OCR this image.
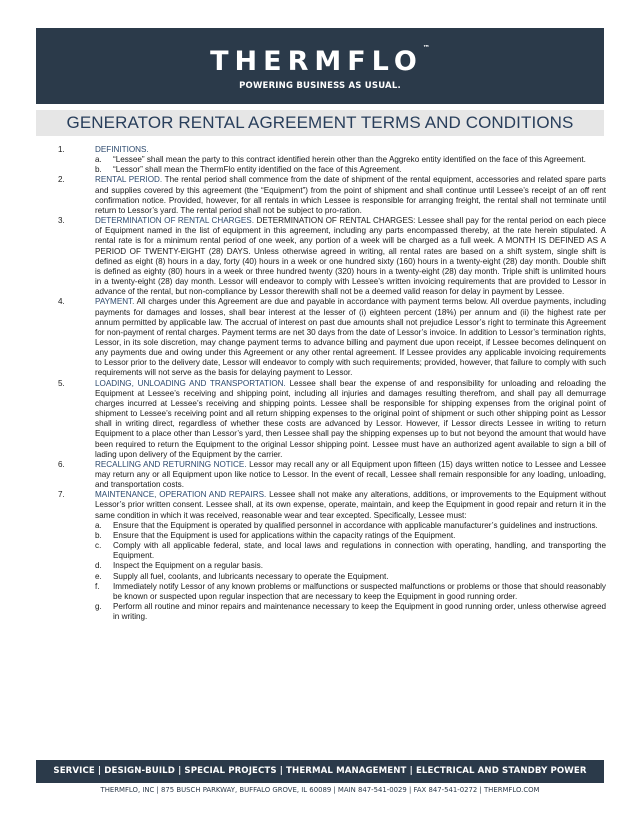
THERMFLO™
POWERING BUSINESS AS USUAL.
GENERATOR RENTAL AGREEMENT TERMS AND CONDITIONS
1.	DEFINITIONS.
a. “Lessee” shall mean the party to this contract identified herein other than the Aggreko entity identified on the face of this Agreement.
b. “Lessor” shall mean the ThermFlo entity identified on the face of this Agreement.
2.	RENTAL PERIOD. The rental period shall commence from the date of shipment of the rental equipment, accessories and related spare parts and supplies covered by this agreement (the “Equipment”) from the point of shipment and shall continue until Lessee’s receipt of an off rent confirmation notice. Provided, however, for all rentals in which Lessee is responsible for arranging freight, the rental shall not terminate until return to Lessor’s yard. The rental period shall not be subject to pro-ration.
3.	DETERMINATION OF RENTAL CHARGES. DETERMINATION OF RENTAL CHARGES: Lessee shall pay for the rental period on each piece of Equipment named in the list of equipment in this agreement, including any parts encompassed thereby, at the rate herein stipulated. A rental rate is for a minimum rental period of one week, any portion of a week will be charged as a full week. A MONTH IS DEFINED AS A PERIOD OF TWENTY-EIGHT (28) DAYS. Unless otherwise agreed in writing, all rental rates are based on a shift system, single shift is defined as eight (8) hours in a day, forty (40) hours in a week or one hundred sixty (160) hours in a twenty-eight (28) day month. Double shift is defined as eighty (80) hours in a week or three hundred twenty (320) hours in a twenty-eight (28) day month. Triple shift is unlimited hours in a twenty-eight (28) day month. Lessor will endeavor to comply with Lessee’s written invoicing requirements that are provided to Lessor in advance of the rental, but non-compliance by Lessor therewith shall not be a deemed valid reason for delay in payment by Lessee.
4.	PAYMENT. All charges under this Agreement are due and payable in accordance with payment terms below. All overdue payments, including payments for damages and losses, shall bear interest at the lesser of (i) eighteen percent (18%) per annum and (ii) the highest rate per annum permitted by applicable law. The accrual of interest on past due amounts shall not prejudice Lessor’s right to terminate this Agreement for non-payment of rental charges. Payment terms are net 30 days from the date of Lessor’s invoice. In addition to Lessor’s termination rights, Lessor, in its sole discretion, may change payment terms to advance billing and payment due upon receipt, if Lessee becomes delinquent on any payments due and owing under this Agreement or any other rental agreement. If Lessee provides any applicable invoicing requirements to Lessor prior to the delivery date, Lessor will endeavor to comply with such requirements; provided, however, that failure to comply with such requirements will not serve as the basis for delaying payment to Lessor.
5.	LOADING, UNLOADING AND TRANSPORTATION. Lessee shall bear the expense of and responsibility for unloading and reloading the Equipment at Lessee’s receiving and shipping point, including all injuries and damages resulting therefrom, and shall pay all demurrage charges incurred at Lessee’s receiving and shipping points. Lessee shall be responsible for shipping expenses from the original point of shipment to Lessee’s receiving point and all return shipping expenses to the original point of shipment or such other shipping point as Lessor shall in writing direct, regardless of whether these costs are advanced by Lessor. However, if Lessor directs Lessee in writing to return Equipment to a place other than Lessor’s yard, then Lessee shall pay the shipping expenses up to but not beyond the amount that would have been required to return the Equipment to the original Lessor shipping point. Lessee must have an authorized agent available to sign a bill of lading upon delivery of the Equipment by the carrier.
6.	RECALLING AND RETURNING NOTICE. Lessor may recall any or all Equipment upon fifteen (15) days written notice to Lessee and Lessee may return any or all Equipment upon like notice to Lessor. In the event of recall, Lessee shall remain responsible for any loading, unloading, and transportation costs.
7.	MAINTENANCE, OPERATION AND REPAIRS. Lessee shall not make any alterations, additions, or improvements to the Equipment without Lessor’s prior written consent. Lessee shall, at its own expense, operate, maintain, and keep the Equipment in good repair and return it in the same condition in which it was received, reasonable wear and tear excepted. Specifically, Lessee must:
a. Ensure that the Equipment is operated by qualified personnel in accordance with applicable manufacturer’s guidelines and instructions.
b. Ensure that the Equipment is used for applications within the capacity ratings of the Equipment.
c. Comply with all applicable federal, state, and local laws and regulations in connection with operating, handling, and transporting the Equipment.
d. Inspect the Equipment on a regular basis.
e. Supply all fuel, coolants, and lubricants necessary to operate the Equipment.
f. Immediately notify Lessor of any known problems or malfunctions or suspected malfunctions or problems or those that should reasonably be known or suspected upon regular inspection that are necessary to keep the Equipment in good running order.
g. Perform all routine and minor repairs and maintenance necessary to keep the Equipment in good running order, unless otherwise agreed in writing.
SERVICE | DESIGN-BUILD | SPECIAL PROJECTS | THERMAL MANAGEMENT | ELECTRICAL AND STANDBY POWER
THERMFLO, INC | 875 BUSCH PARKWAY, BUFFALO GROVE, IL 60089 | MAIN 847-541-0029 | FAX 847-541-0272 | THERMFLO.COM
